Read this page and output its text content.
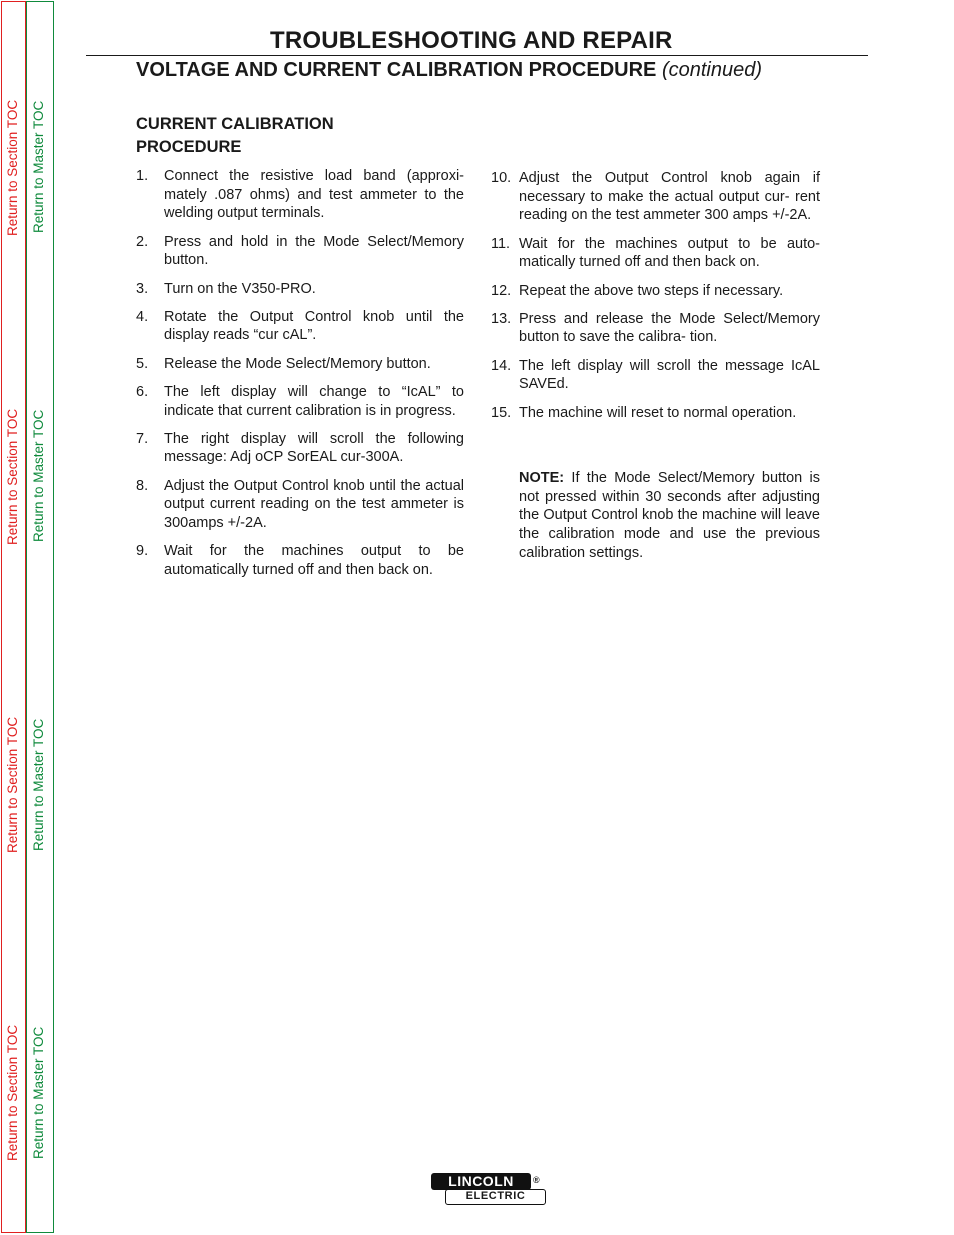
Return to Section TOC
Return to Section TOC
Return to Section TOC
Return to Section TOC
Return to Master TOC
Return to Master TOC
Return to Master TOC
Return to Master TOC
TROUBLESHOOTING AND REPAIR
VOLTAGE AND CURRENT CALIBRATION PROCEDURE (continued)
CURRENT CALIBRATION
PROCEDURE
1. Connect the resistive load band (approxi- mately .087 ohms) and test ammeter to the welding output terminals.
2. Press and hold in the Mode Select/Memory button.
3. Turn on the V350-PRO.
4. Rotate the Output Control knob until the display reads “cur cAL”.
5. Release the Mode Select/Memory button.
6. The left display will change to “IcAL” to indicate that current calibration is in progress.
7. The right display will scroll the following message: Adj oCP SorEAL cur-300A.
8. Adjust the Output Control knob until the actual output current reading on the test ammeter is 300amps +/-2A.
9. Wait for the machines output to be automatically turned off and then back on.
10. Adjust the Output Control knob again if necessary to make the actual output cur- rent reading on the test ammeter 300 amps +/-2A.
11. Wait for the machines output to be auto- matically turned off and then back on.
12. Repeat the above two steps if necessary.
13. Press and release the Mode Select/Memory button to save the calibra- tion.
14. The left display will scroll the message IcAL SAVEd.
15. The machine will reset to normal operation.

NOTE: If the Mode Select/Memory button is not pressed within 30 seconds after adjusting the Output Control knob the machine will leave the calibration mode and use the previous calibration settings.

LINCOLN	®
ELECTRIC
